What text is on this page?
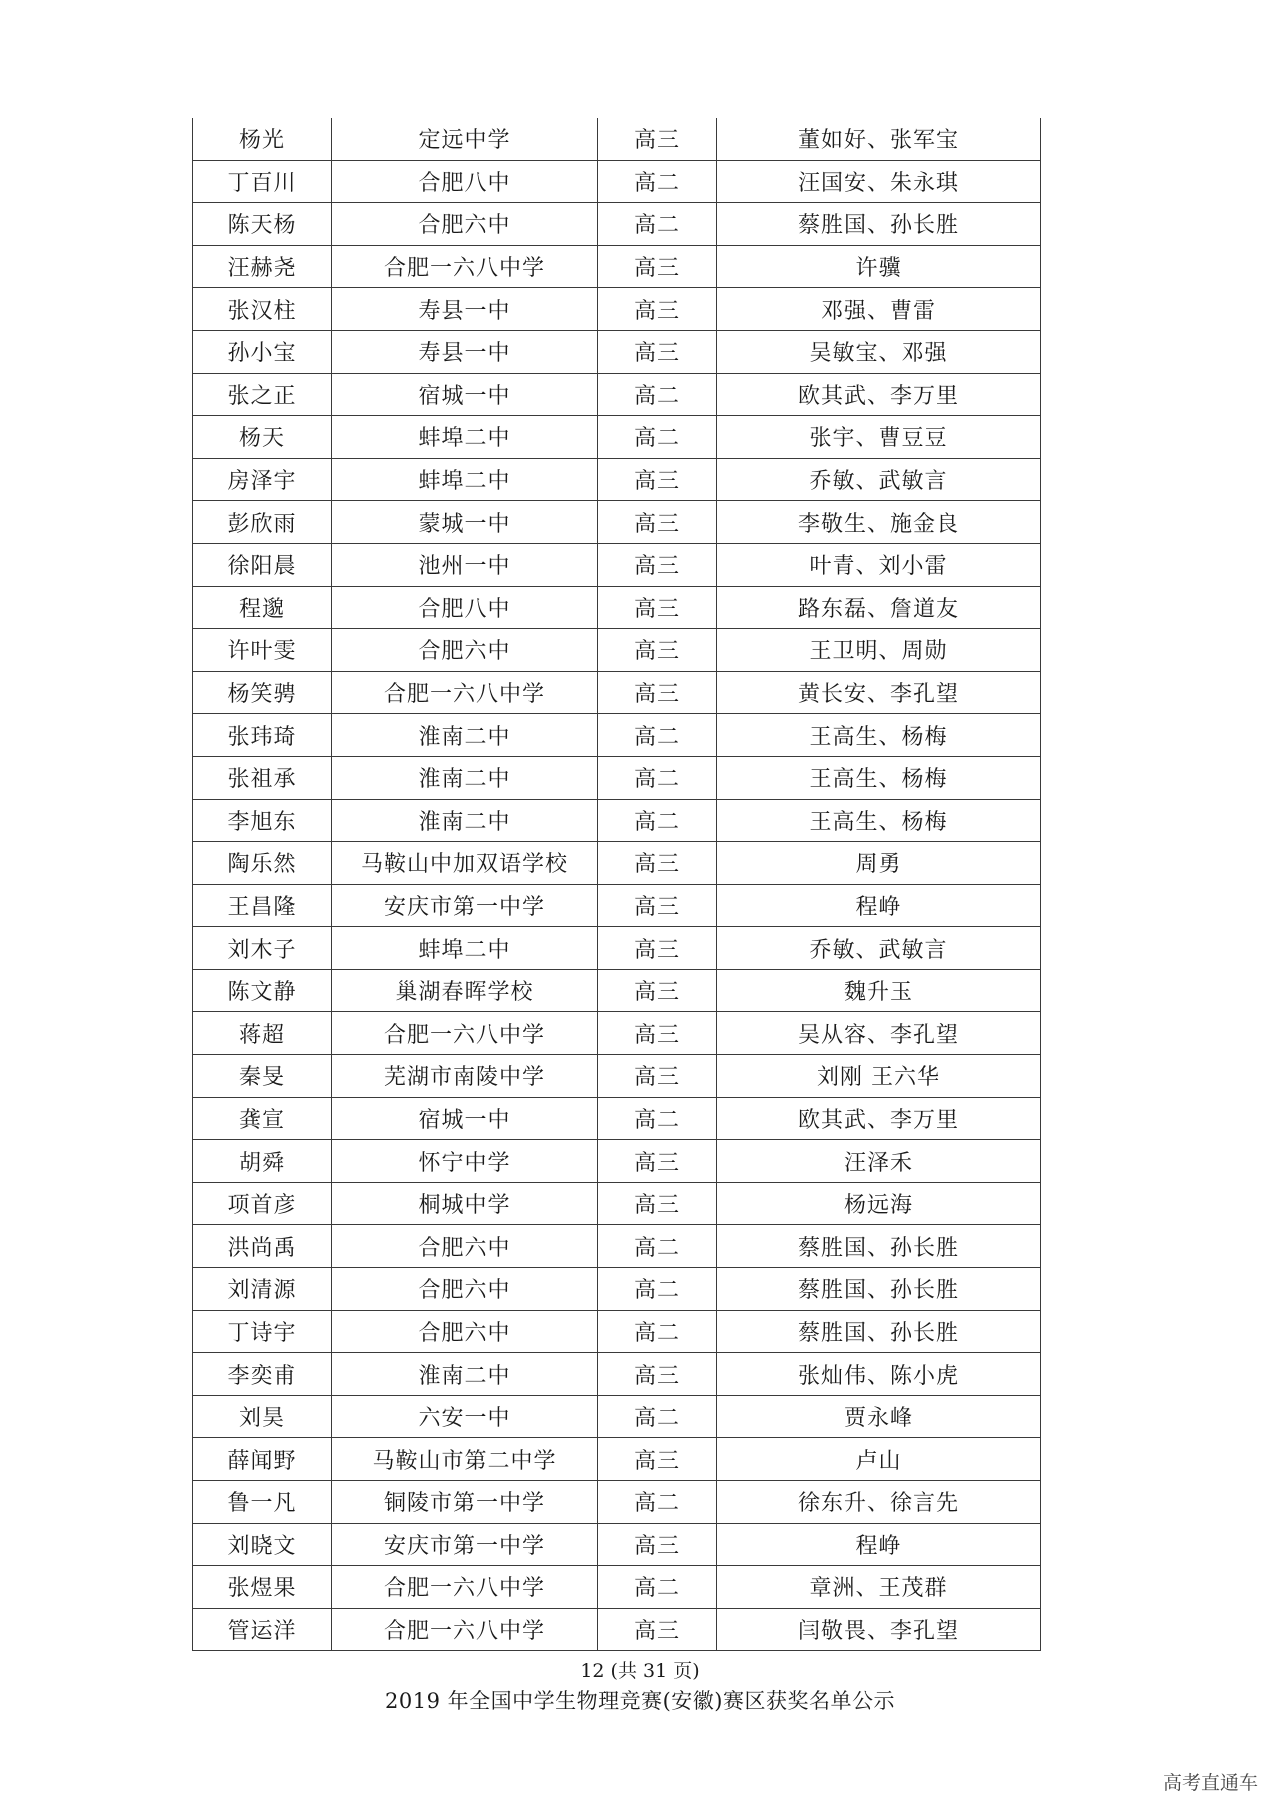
杨光	定远中学	高三	董如好、张军宝
丁百川	合肥八中	高二	汪国安、朱永琪
陈天杨	合肥六中	高二	蔡胜国、孙长胜
汪赫尧	合肥一六八中学	高三	许骥
张汉柱	寿县一中	高三	邓强、曹雷
孙小宝	寿县一中	高三	吴敏宝、邓强
张之正	宿城一中	高二	欧其武、李万里
杨天	蚌埠二中	高二	张宇、曹豆豆
房泽宇	蚌埠二中	高三	乔敏、武敏言
彭欣雨	蒙城一中	高三	李敬生、施金良
徐阳晨	池州一中	高三	叶青、刘小雷
程邈	合肥八中	高三	路东磊、詹道友
许叶雯	合肥六中	高三	王卫明、周勋
杨笑骋	合肥一六八中学	高三	黄长安、李孔望
张玮琦	淮南二中	高二	王高生、杨梅
张祖承	淮南二中	高二	王高生、杨梅
李旭东	淮南二中	高二	王高生、杨梅
陶乐然	马鞍山中加双语学校	高三	周勇
王昌隆	安庆市第一中学	高三	程峥
刘木子	蚌埠二中	高三	乔敏、武敏言
陈文静	巢湖春晖学校	高三	魏升玉
蒋超	合肥一六八中学	高三	吴从容、李孔望
秦旻	芜湖市南陵中学	高三	刘刚 王六华
龚宣	宿城一中	高二	欧其武、李万里
胡舜	怀宁中学	高三	汪泽禾
项首彦	桐城中学	高三	杨远海
洪尚禹	合肥六中	高二	蔡胜国、孙长胜
刘清源	合肥六中	高二	蔡胜国、孙长胜
丁诗宇	合肥六中	高二	蔡胜国、孙长胜
李奕甫	淮南二中	高三	张灿伟、陈小虎
刘昊	六安一中	高二	贾永峰
薛闻野	马鞍山市第二中学	高三	卢山
鲁一凡	铜陵市第一中学	高二	徐东升、徐言先
刘晓文	安庆市第一中学	高三	程峥
张煜果	合肥一六八中学	高二	章洲、王茂群
管运洋	合肥一六八中学	高三	闫敬畏、李孔望
12 (共 31 页)
2019 年全国中学生物理竞赛(安徽)赛区获奖名单公示
高考直通车
